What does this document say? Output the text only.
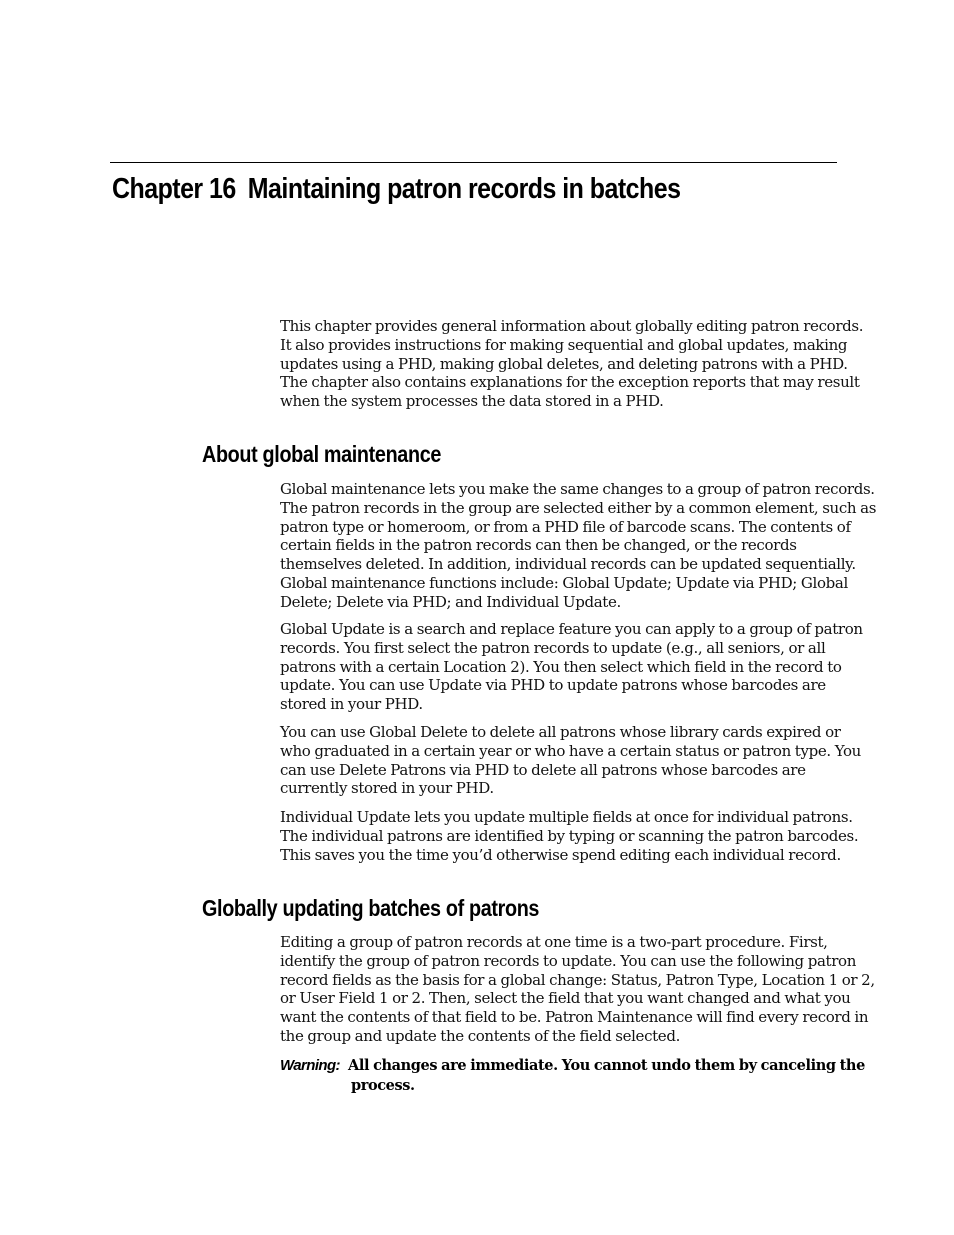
Chapter 16 Maintaining patron records in batches
This chapter provides general information about globally editing patron records.
It also provides instructions for making sequential and global updates, making
updates using a PHD, making global deletes, and deleting patrons with a PHD.
The chapter also contains explanations for the exception reports that may result
when the system processes the data stored in a PHD.
About global maintenance
Global maintenance lets you make the same changes to a group of patron records.
The patron records in the group are selected either by a common element, such as
patron type or homeroom, or from a PHD file of barcode scans. The contents of
certain fields in the patron records can then be changed, or the records
themselves deleted. In addition, individual records can be updated sequentially.
Global maintenance functions include: Global Update; Update via PHD; Global
Delete; Delete via PHD; and Individual Update.
Global Update is a search and replace feature you can apply to a group of patron
records. You first select the patron records to update (e.g., all seniors, or all
patrons with a certain Location 2). You then select which field in the record to
update. You can use Update via PHD to update patrons whose barcodes are
stored in your PHD.
You can use Global Delete to delete all patrons whose library cards expired or
who graduated in a certain year or who have a certain status or patron type. You
can use Delete Patrons via PHD to delete all patrons whose barcodes are
currently stored in your PHD.
Individual Update lets you update multiple fields at once for individual patrons.
The individual patrons are identified by typing or scanning the patron barcodes.
This saves you the time you’d otherwise spend editing each individual record.
Globally updating batches of patrons
Editing a group of patron records at one time is a two-part procedure. First,
identify the group of patron records to update. You can use the following patron
record fields as the basis for a global change: Status, Patron Type, Location 1 or 2,
or User Field 1 or 2. Then, select the field that you want changed and what you
want the contents of that field to be. Patron Maintenance will find every record in
the group and update the contents of the field selected.
Warning: All changes are immediate. You cannot undo them by canceling the
process.
